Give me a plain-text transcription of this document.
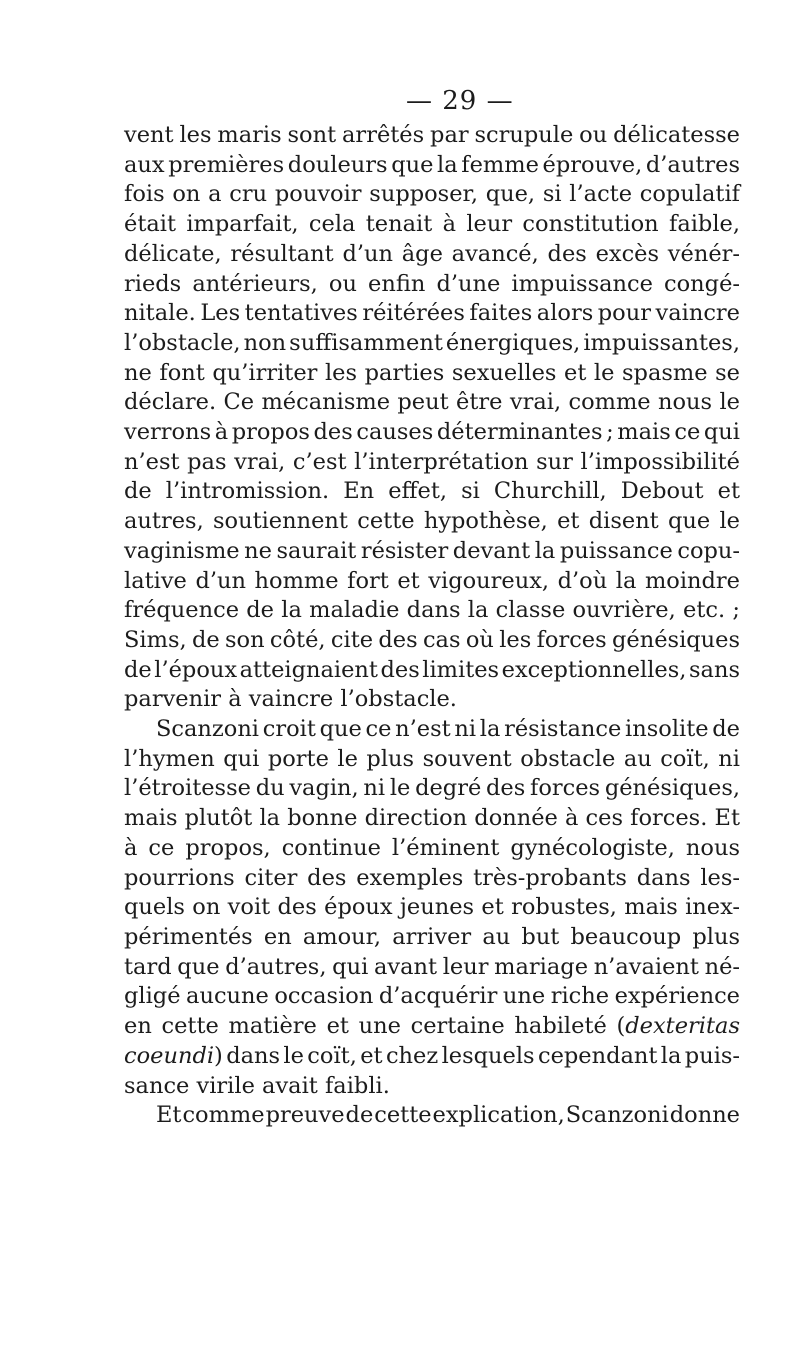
— 29 —
vent les maris sont arrêtés par scrupule ou délicatesse
aux premières douleurs que la femme éprouve, d’autres
fois on a cru pouvoir supposer, que, si l’acte copulatif
était imparfait, cela tenait à leur constitution faible,
délicate, résultant d’un âge avancé, des excès vénér-
rieds antérieurs, ou enfin d’une impuissance congé-
nitale. Les tentatives réitérées faites alors pour vaincre
l’obstacle, non suffisamment énergiques, impuissantes,
ne font qu’irriter les parties sexuelles et le spasme se
déclare. Ce mécanisme peut être vrai, comme nous le
verrons à propos des causes déterminantes ; mais ce qui
n’est pas vrai, c’est l’interprétation sur l’impossibilité
de l’intromission. En effet, si Churchill, Debout et
autres, soutiennent cette hypothèse, et disent que le
vaginisme ne saurait résister devant la puissance copu-
lative d’un homme fort et vigoureux, d’où la moindre
fréquence de la maladie dans la classe ouvrière, etc. ;
Sims, de son côté, cite des cas où les forces génésiques
de l’époux atteignaient des limites exceptionnelles, sans
parvenir à vaincre l’obstacle.
Scanzoni croit que ce n’est ni la résistance insolite de
l’hymen qui porte le plus souvent obstacle au coït, ni
l’étroitesse du vagin, ni le degré des forces génésiques,
mais plutôt la bonne direction donnée à ces forces. Et
à ce propos, continue l’éminent gynécologiste, nous
pourrions citer des exemples très-probants dans les-
quels on voit des époux jeunes et robustes, mais inex-
périmentés en amour, arriver au but beaucoup plus
tard que d’autres, qui avant leur mariage n’avaient né-
gligé aucune occasion d’acquérir une riche expérience
en cette matière et une certaine habileté (dexteritas
coeundi) dans le coït, et chez lesquels cependant la puis-
sance virile avait faibli.
Et comme preuve de cette explication, Scanzoni donne
